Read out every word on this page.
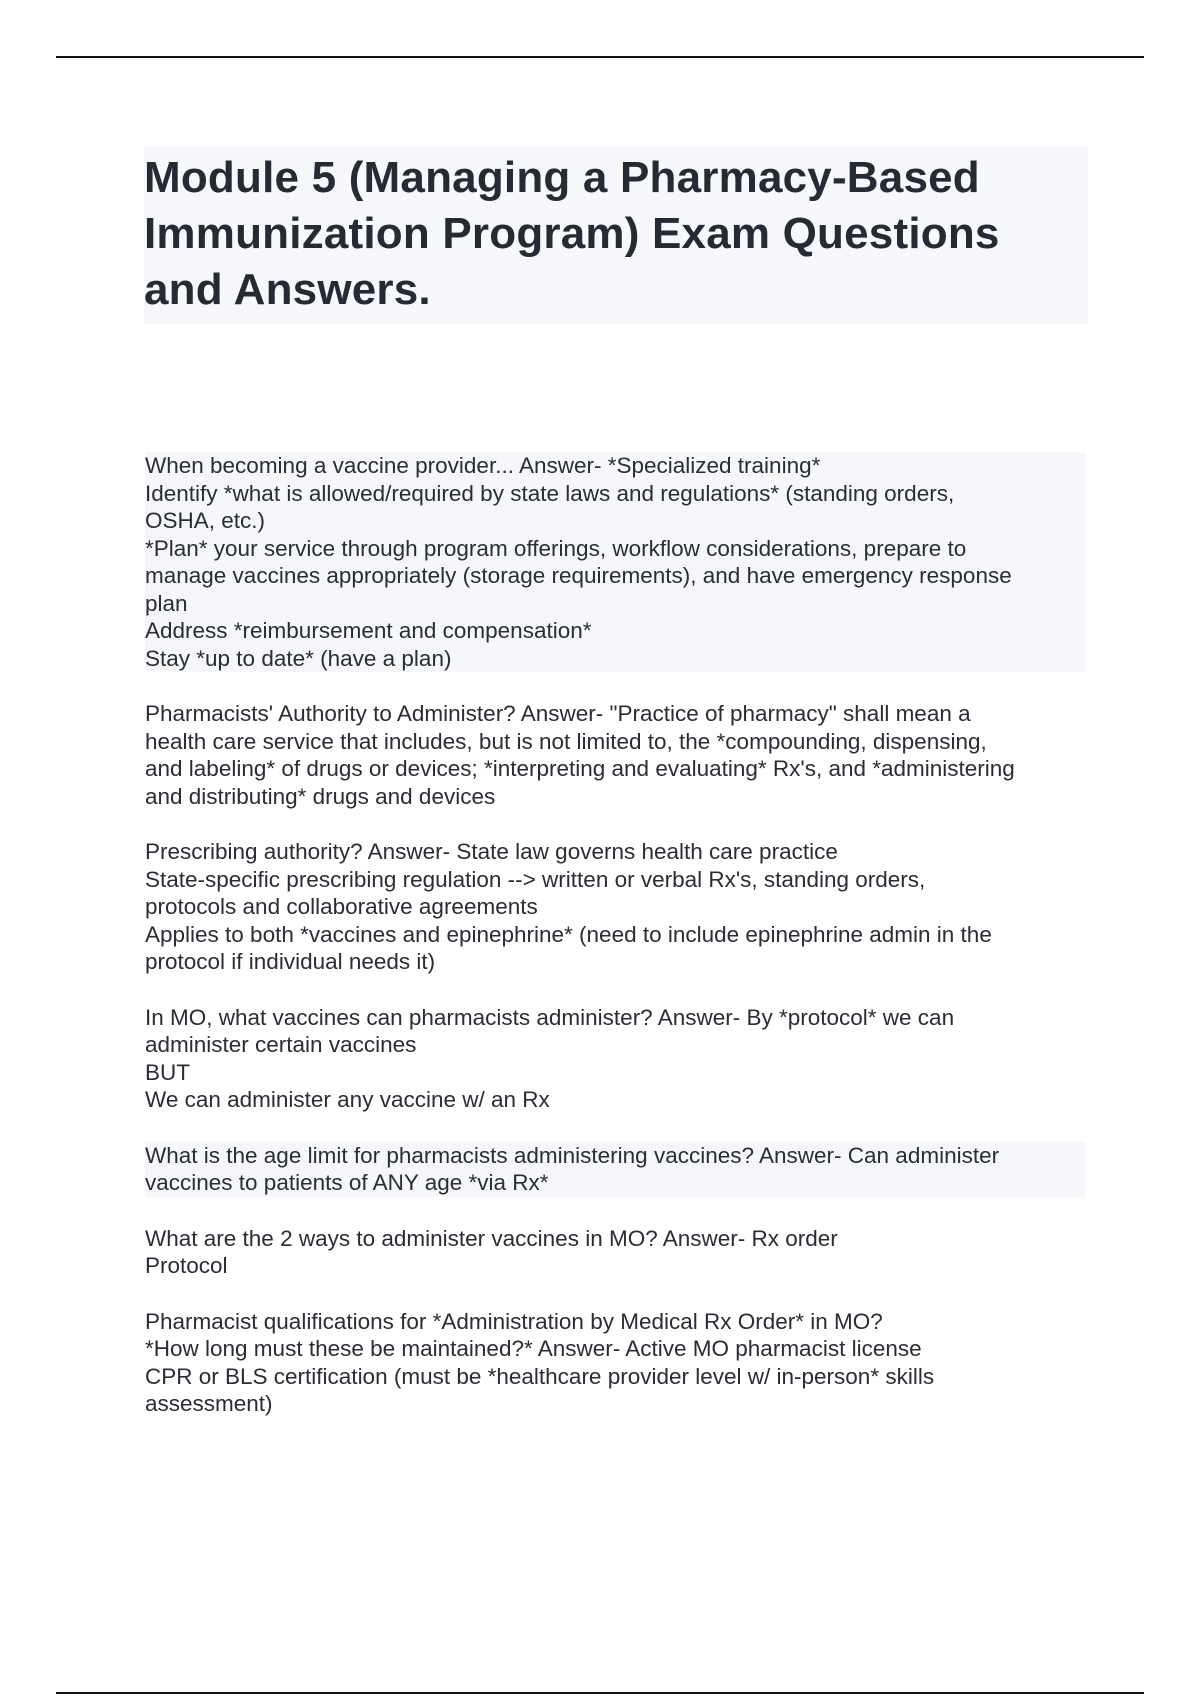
Module 5 (Managing a Pharmacy-Based
Immunization Program) Exam Questions
and Answers.
When becoming a vaccine provider... Answer- *Specialized training*
Identify *what is allowed/required by state laws and regulations* (standing orders,
OSHA, etc.)
*Plan* your service through program offerings, workflow considerations, prepare to
manage vaccines appropriately (storage requirements), and have emergency response
plan
Address *reimbursement and compensation*
Stay *up to date* (have a plan)
Pharmacists' Authority to Administer? Answer- "Practice of pharmacy" shall mean a
health care service that includes, but is not limited to, the *compounding, dispensing,
and labeling* of drugs or devices; *interpreting and evaluating* Rx's, and *administering
and distributing* drugs and devices
Prescribing authority? Answer- State law governs health care practice
State-specific prescribing regulation --> written or verbal Rx's, standing orders,
protocols and collaborative agreements
Applies to both *vaccines and epinephrine* (need to include epinephrine admin in the
protocol if individual needs it)
In MO, what vaccines can pharmacists administer? Answer- By *protocol* we can
administer certain vaccines
BUT
We can administer any vaccine w/ an Rx
What is the age limit for pharmacists administering vaccines? Answer- Can administer
vaccines to patients of ANY age *via Rx*
What are the 2 ways to administer vaccines in MO? Answer- Rx order
Protocol
Pharmacist qualifications for *Administration by Medical Rx Order* in MO?
*How long must these be maintained?* Answer- Active MO pharmacist license
CPR or BLS certification (must be *healthcare provider level w/ in-person* skills
assessment)
